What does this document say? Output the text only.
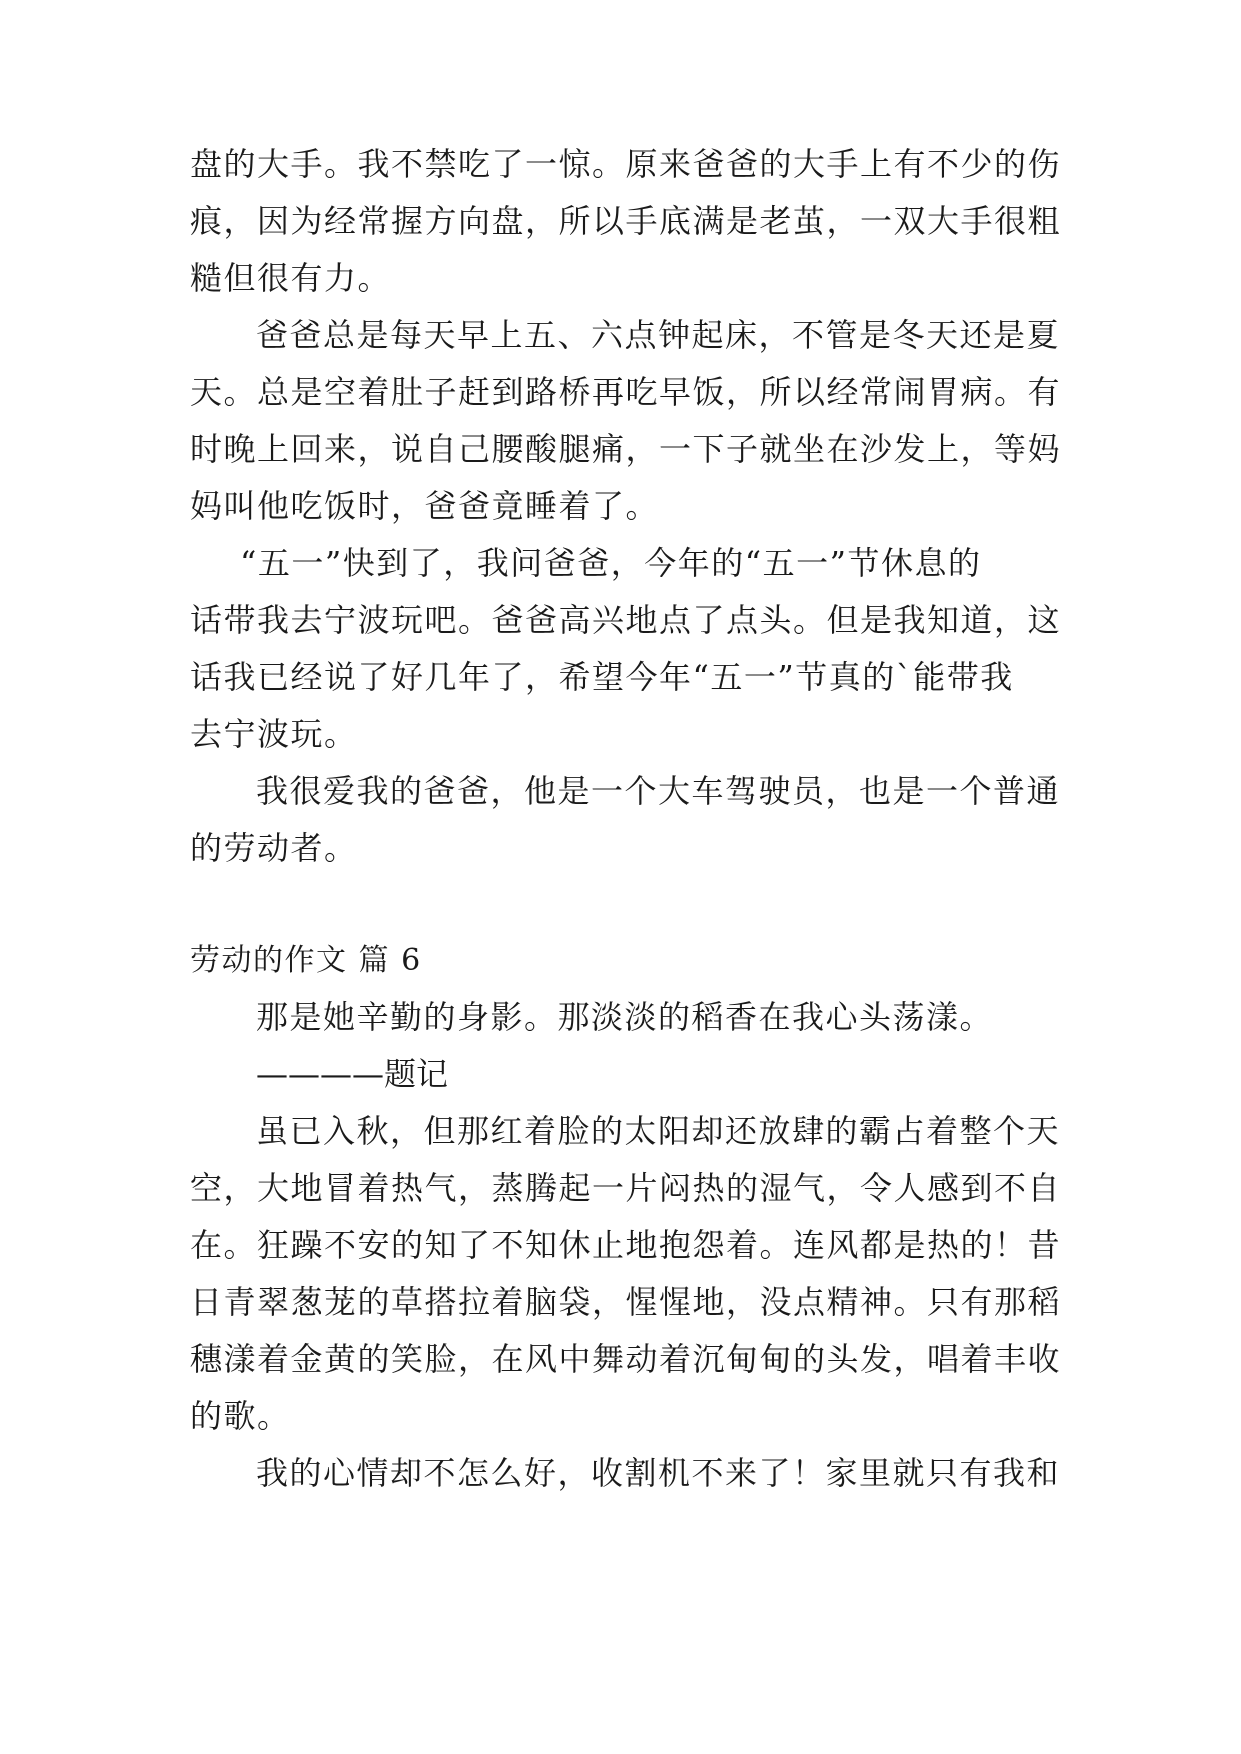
盘的大手。我不禁吃了一惊。原来爸爸的大手上有不少的伤
痕，因为经常握方向盘，所以手底满是老茧，一双大手很粗
糙但很有力。
爸爸总是每天早上五、六点钟起床，不管是冬天还是夏
天。总是空着肚子赶到路桥再吃早饭，所以经常闹胃病。有
时晚上回来，说自己腰酸腿痛，一下子就坐在沙发上，等妈
妈叫他吃饭时，爸爸竟睡着了。
“五一”快到了，我问爸爸，今年的“五一”节休息的
话带我去宁波玩吧。爸爸高兴地点了点头。但是我知道，这
话我已经说了好几年了，希望今年“五一”节真的`能带我
去宁波玩。
我很爱我的爸爸，他是一个大车驾驶员，也是一个普通
的劳动者。
劳动的作文 篇 6
那是她辛勤的身影。那淡淡的稻香在我心头荡漾。
————题记
虽已入秋，但那红着脸的太阳却还放肆的霸占着整个天
空，大地冒着热气，蒸腾起一片闷热的湿气，令人感到不自
在。狂躁不安的知了不知休止地抱怨着。连风都是热的！昔
日青翠葱茏的草搭拉着脑袋，惺惺地，没点精神。只有那稻
穗漾着金黄的笑脸，在风中舞动着沉甸甸的头发，唱着丰收
的歌。
我的心情却不怎么好，收割机不来了！家里就只有我和
